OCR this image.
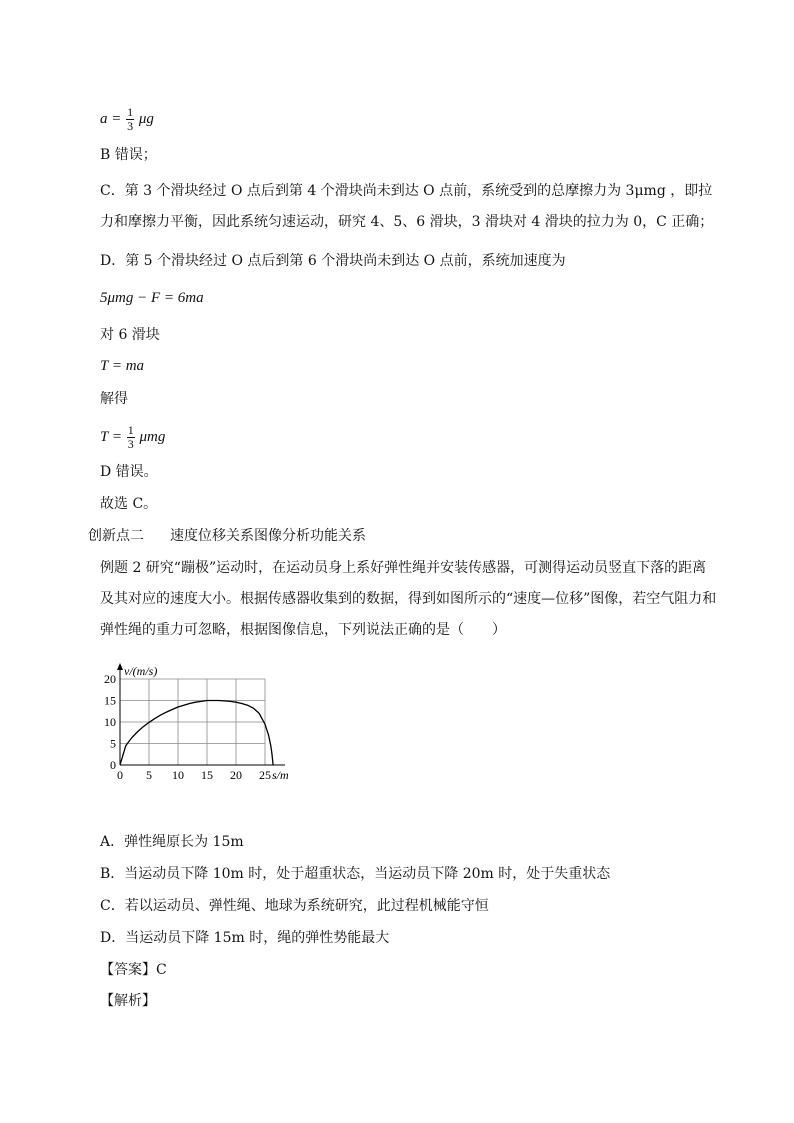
$a = \frac{1}{3}$ μg
B 错误；
C．第 3 个滑块经过 O 点后到第 4 个滑块尚未到达 O 点前，系统受到的总摩擦力为 3μmg ，即拉力和摩擦力平衡，因此系统匀速运动，研究 4、5、6 滑块，3 滑块对 4 滑块的拉力为 0，C 正确；
D．第 5 个滑块经过 O 点后到第 6 个滑块尚未到达 O 点前，系统加速度为
5μmg − F = 6ma
对 6 滑块
T = ma
解得
$T = \frac{1}{3}$ μmg
D 错误。
故选 C。
创新点二 速度位移关系图像分析功能关系
例题 2 研究“蹦极”运动时，在运动员身上系好弹性绳并安装传感器，可测得运动员竖直下落的距离及其对应的速度大小。根据传感器收集到的数据，得到如图所示的“速度—位移”图像，若空气阻力和弹性绳的重力可忽略，根据图像信息，下列说法正确的是（　　）
0 5 10 15 20 25
0
5
10
15
20
v/(m/s)
s/m
A．弹性绳原长为 15m
B．当运动员下降 10m 时，处于超重状态，当运动员下降 20m 时，处于失重状态
C．若以运动员、弹性绳、地球为系统研究，此过程机械能守恒
D．当运动员下降 15m 时，绳的弹性势能最大
【答案】C
【解析】
